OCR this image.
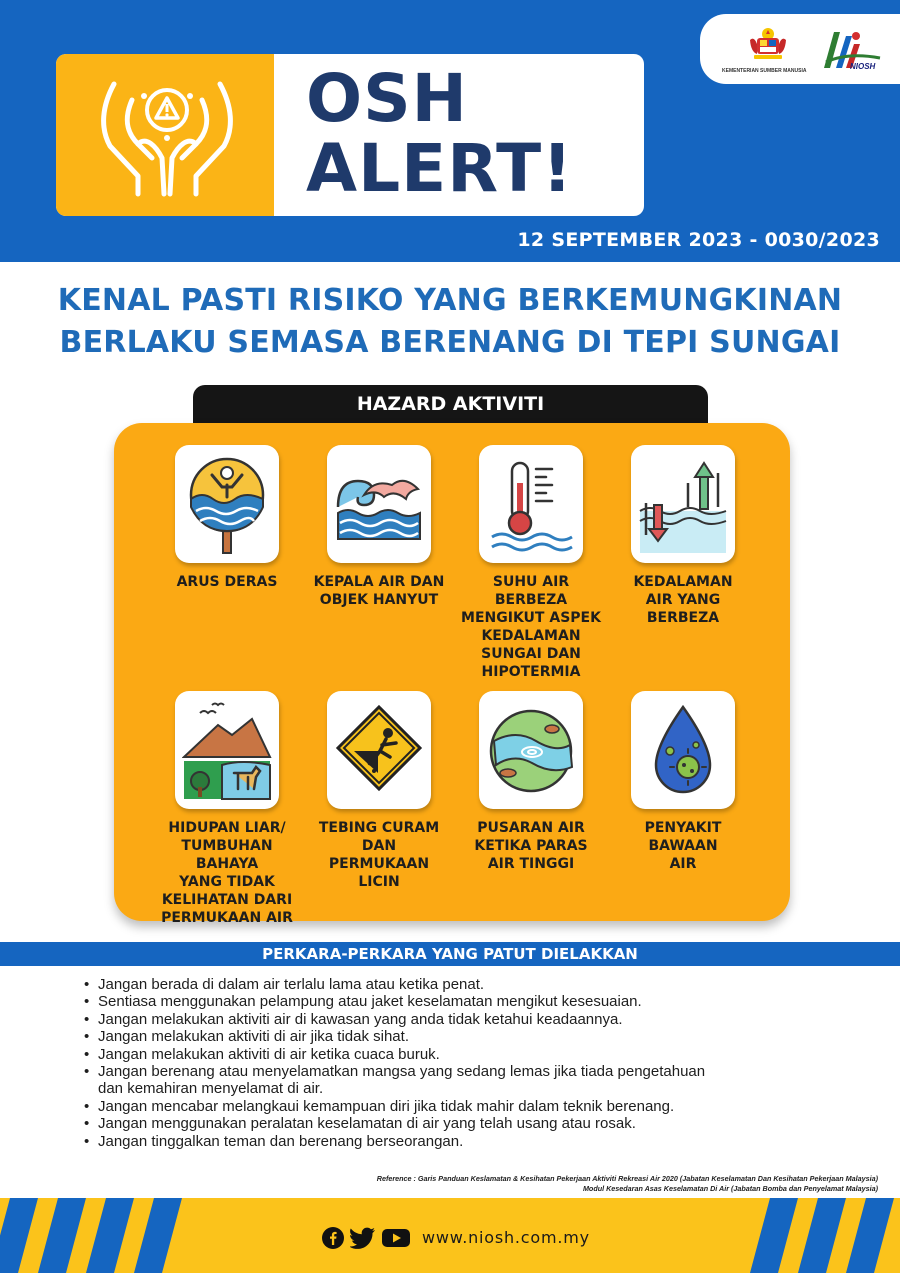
KEMENTERIAN SUMBER MANUSIA	NIOSH
OSH
ALERT!
12 SEPTEMBER 2023 - 0030/2023
KENAL PASTI RISIKO YANG BERKEMUNGKINAN
BERLAKU SEMASA BERENANG DI TEPI SUNGAI
HAZARD AKTIVITI
ARUS DERAS	KEPALA AIR DAN
OBJEK HANYUT
SUHU AIR
BERBEZA
MENGIKUT ASPEK
KEDALAMAN
SUNGAI DAN
HIPOTERMIA
KEDALAMAN
AIR YANG
BERBEZA
HIDUPAN LIAR/
TUMBUHAN BAHAYA
YANG TIDAK
KELIHATAN DARI
PERMUKAAN AIR
TEBING CURAM
DAN
PERMUKAAN
LICIN
PUSARAN AIR
KETIKA PARAS
AIR TINGGI
PENYAKIT
BAWAAN
AIR
PERKARA-PERKARA YANG PATUT DIELAKKAN
• Jangan berada di dalam air terlalu lama atau ketika penat.
• Sentiasa menggunakan pelampung atau jaket keselamatan mengikut kesesuaian.
• Jangan melakukan aktiviti air di kawasan yang anda tidak ketahui keadaannya.
• Jangan melakukan aktiviti di air jika tidak sihat.
• Jangan melakukan aktiviti di air ketika cuaca buruk.
• Jangan berenang atau menyelamatkan mangsa yang sedang lemas jika tiada pengetahuan
dan kemahiran menyelamat di air.
• Jangan mencabar melangkaui kemampuan diri jika tidak mahir dalam teknik berenang.
• Jangan menggunakan peralatan keselamatan di air yang telah usang atau rosak.
• Jangan tinggalkan teman dan berenang berseorangan.
Reference : Garis Panduan Keslamatan & Kesihatan Pekerjaan Aktiviti Rekreasi Air 2020 (Jabatan Keselamatan Dan Kesihatan Pekerjaan Malaysia)
Modul Kesedaran Asas Keselamatan Di Air (Jabatan Bomba dan Penyelamat Malaysia)
www.niosh.com.my
